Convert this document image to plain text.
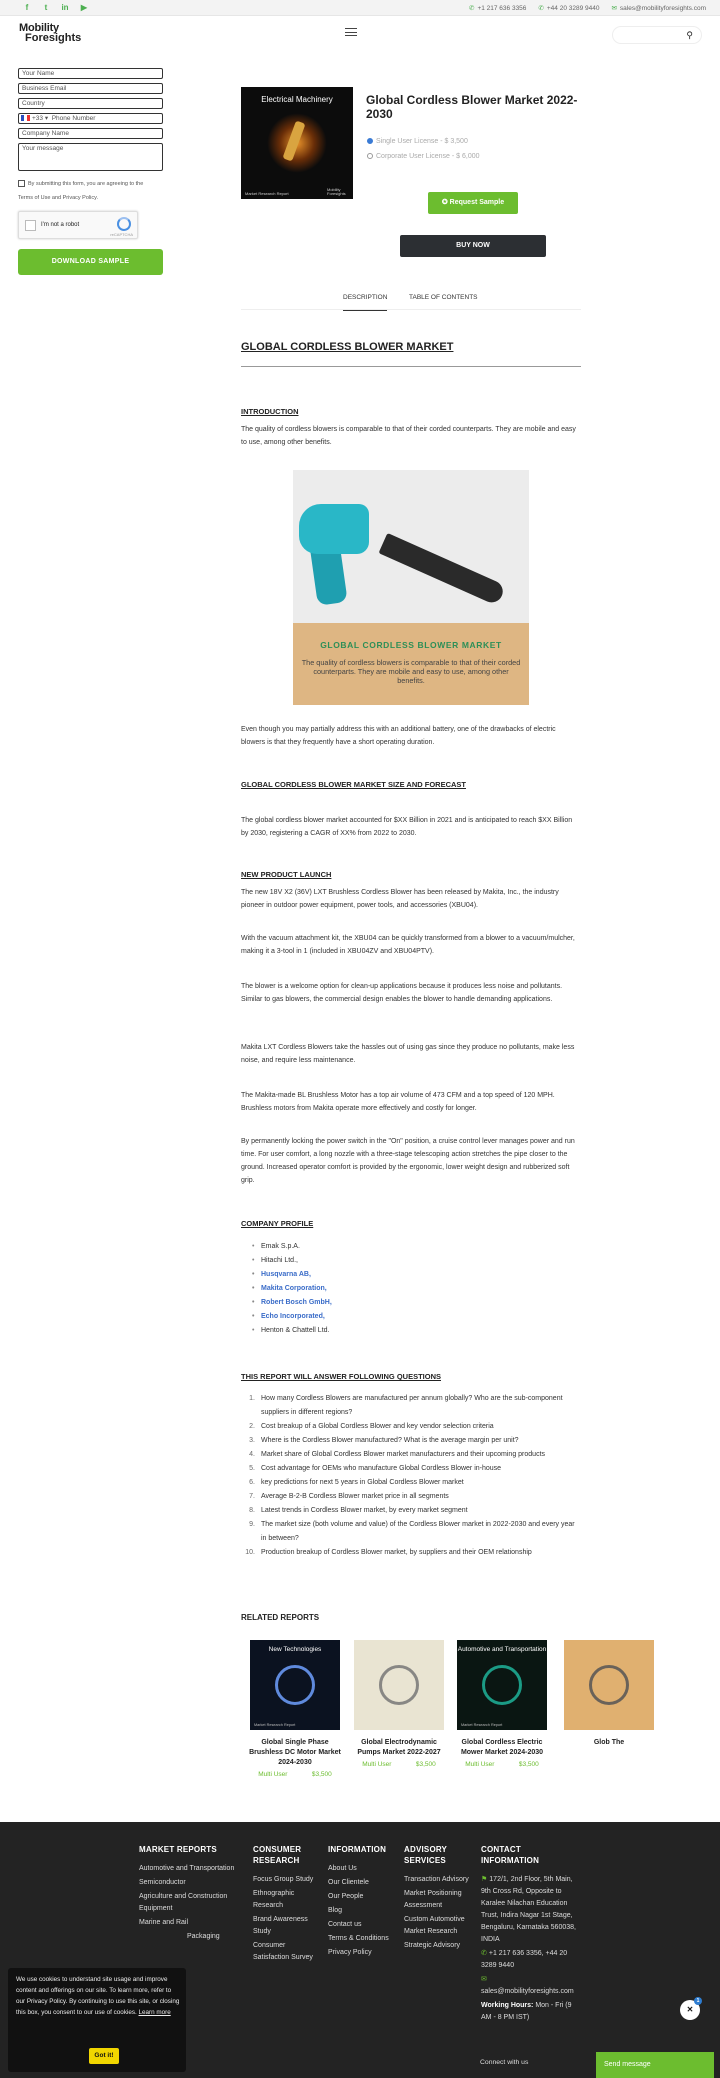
f	t	in ▶	✆ +1 217 636 3356 ✆ +44 20 3289 9440 ✉ sales@mobilityforesights.com
Mobility
Foresights	⚲
Your Name
Business Email
Country
+33 ▾  Phone Number
Company Name
Your message
By submitting this form, you are agreeing to the
Terms of Use and Privacy Policy.
I'm not a robot
reCAPTCHA
DOWNLOAD SAMPLE
Electrical Machinery
Market Research Report
Mobility Foresights
Global Cordless Blower Market 2022-2030
Single User License - $ 3,500
Corporate User License - $ 6,000
✪ Request Sample
BUY NOW
DESCRIPTION	TABLE OF CONTENTS
GLOBAL CORDLESS BLOWER MARKET
INTRODUCTION
The quality of cordless blowers is comparable to that of their corded counterparts. They are mobile and easy to use, among other benefits.
GLOBAL CORDLESS BLOWER MARKET
The quality of cordless blowers is comparable to that of their corded counterparts. They are mobile and easy to use, among other benefits.
Even though you may partially address this with an additional battery, one of the drawbacks of electric blowers is that they frequently have a short operating duration.
GLOBAL CORDLESS BLOWER MARKET SIZE AND FORECAST
The global cordless blower market accounted for $XX Billion in 2021 and is anticipated to reach $XX Billion by 2030, registering a CAGR of XX% from 2022 to 2030.
NEW PRODUCT LAUNCH
The new 18V X2 (36V) LXT Brushless Cordless Blower has been released by Makita, Inc., the industry pioneer in outdoor power equipment, power tools, and accessories (XBU04).
With the vacuum attachment kit, the XBU04 can be quickly transformed from a blower to a vacuum/mulcher, making it a 3-tool in 1 (included in XBU04ZV and XBU04PTV).
The blower is a welcome option for clean-up applications because it produces less noise and pollutants. Similar to gas blowers, the commercial design enables the blower to handle demanding applications.
Makita LXT Cordless Blowers take the hassles out of using gas since they produce no pollutants, make less noise, and require less maintenance.
The Makita-made BL Brushless Motor has a top air volume of 473 CFM and a top speed of 120 MPH. Brushless motors from Makita operate more effectively and costly for longer.
By permanently locking the power switch in the "On" position, a cruise control lever manages power and run time. For user comfort, a long nozzle with a three-stage telescoping action stretches the pipe closer to the ground. Increased operator comfort is provided by the ergonomic, lower weight design and rubberized soft grip.
COMPANY PROFILE
• Emak S.p.A.
• Hitachi Ltd.,
• Husqvarna AB,
• Makita Corporation,
• Robert Bosch GmbH,
• Echo Incorporated,
• Henton & Chattell Ltd.
THIS REPORT WILL ANSWER FOLLOWING QUESTIONS
1. How many Cordless Blowers are manufactured per annum globally? Who are the sub-component suppliers in different regions?
2. Cost breakup of a Global Cordless Blower and key vendor selection criteria
3. Where is the Cordless Blower manufactured? What is the average margin per unit?
4. Market share of Global Cordless Blower market manufacturers and their upcoming products
5. Cost advantage for OEMs who manufacture Global Cordless Blower in-house
6. key predictions for next 5 years in Global Cordless Blower market
7. Average B-2-B Cordless Blower market price in all segments
8. Latest trends in Cordless Blower market, by every market segment
9. The market size (both volume and value) of the Cordless Blower market in 2022-2030 and every year in between?
10. Production breakup of Cordless Blower market, by suppliers and their OEM relationship
RELATED REPORTS
New Technologies
Market Research Report
Global Single Phase Brushless DC Motor Market 2024-2030
Multi User	$3,500
Global Electrodynamic Pumps Market 2022-2027
Multi User	$3,500
Automotive and Transportation
Market Research Report
Global Cordless Electric Mower Market 2024-2030
Multi User	$3,500
Glob The
MARKET REPORTS
Automotive and Transportation
Semiconductor
Agriculture and Construction Equipment
Marine and Rail
Packaging
CONSUMER RESEARCH
Focus Group Study
Ethnographic Research
Brand Awareness Study
Consumer Satisfaction Survey
INFORMATION
About Us
Our Clientele
Our People
Blog
Contact us
Terms & Conditions
Privacy Policy
ADVISORY SERVICES
Transaction Advisory
Market Positioning Assessment
Custom Automotive Market Research
Strategic Advisory
CONTACT INFORMATION
⚑ 172/1, 2nd Floor, 5th Main, 9th Cross Rd, Opposite to Karalee Nilachan Education Trust, Indira Nagar 1st Stage, Bengaluru, Karnataka 560038, INDIA
✆ +1 217 636 3356, +44 20 3289 9440
✉sales@mobilityforesights.com
Working Hours: Mon - Fri (9 AM - 8 PM IST)
Connect with us
We use cookies to understand site usage and improve content and offerings on our site. To learn more, refer to our Privacy Policy. By continuing to use this site, or closing this box, you consent to our use of cookies. Learn more
Got it!
✕
1
Send message
